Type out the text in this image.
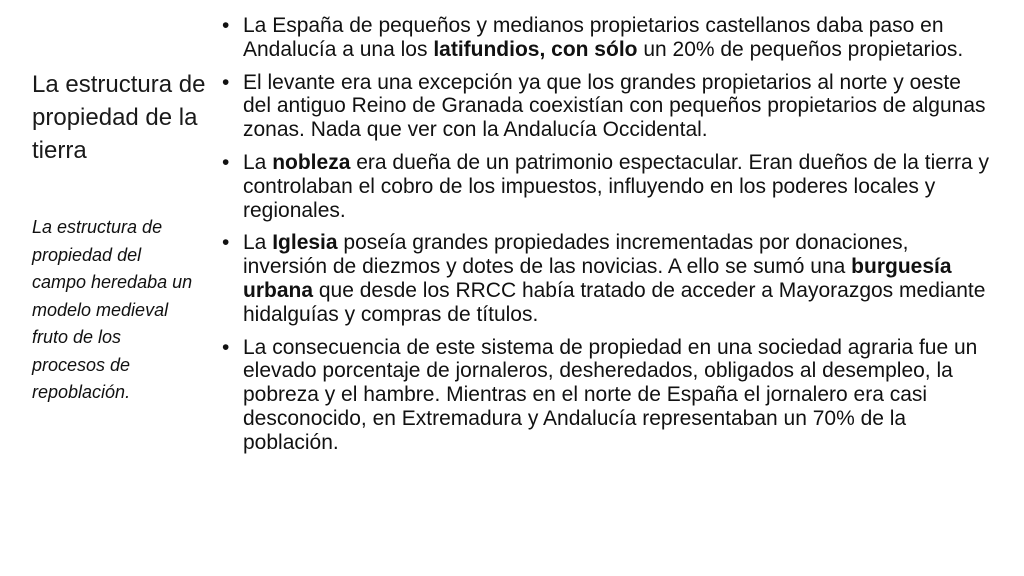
La estructura de propiedad de la tierra

La estructura de propiedad del campo heredaba un modelo medieval fruto de los procesos de repoblación.

• La España de pequeños y medianos propietarios castellanos daba paso en Andalucía a una los latifundios, con sólo un 20% de pequeños propietarios.
• El levante era una excepción ya que los grandes propietarios al norte y oeste del antiguo Reino de Granada coexistían con pequeños propietarios de algunas zonas. Nada que ver con la Andalucía Occidental.
• La nobleza era dueña de un patrimonio espectacular. Eran dueños de la tierra y controlaban el cobro de los impuestos, influyendo en los poderes locales y regionales.
• La Iglesia poseía grandes propiedades incrementadas por donaciones, inversión de diezmos y dotes de las novicias. A ello se sumó una burguesía urbana que desde los RRCC había tratado de acceder a Mayorazgos mediante hidalguías y compras de títulos.
• La consecuencia de este sistema de propiedad en una sociedad agraria fue un elevado porcentaje de jornaleros, desheredados, obligados al desempleo, la pobreza y el hambre. Mientras en el norte de España el jornalero era casi desconocido, en Extremadura y Andalucía representaban un 70% de la población.
